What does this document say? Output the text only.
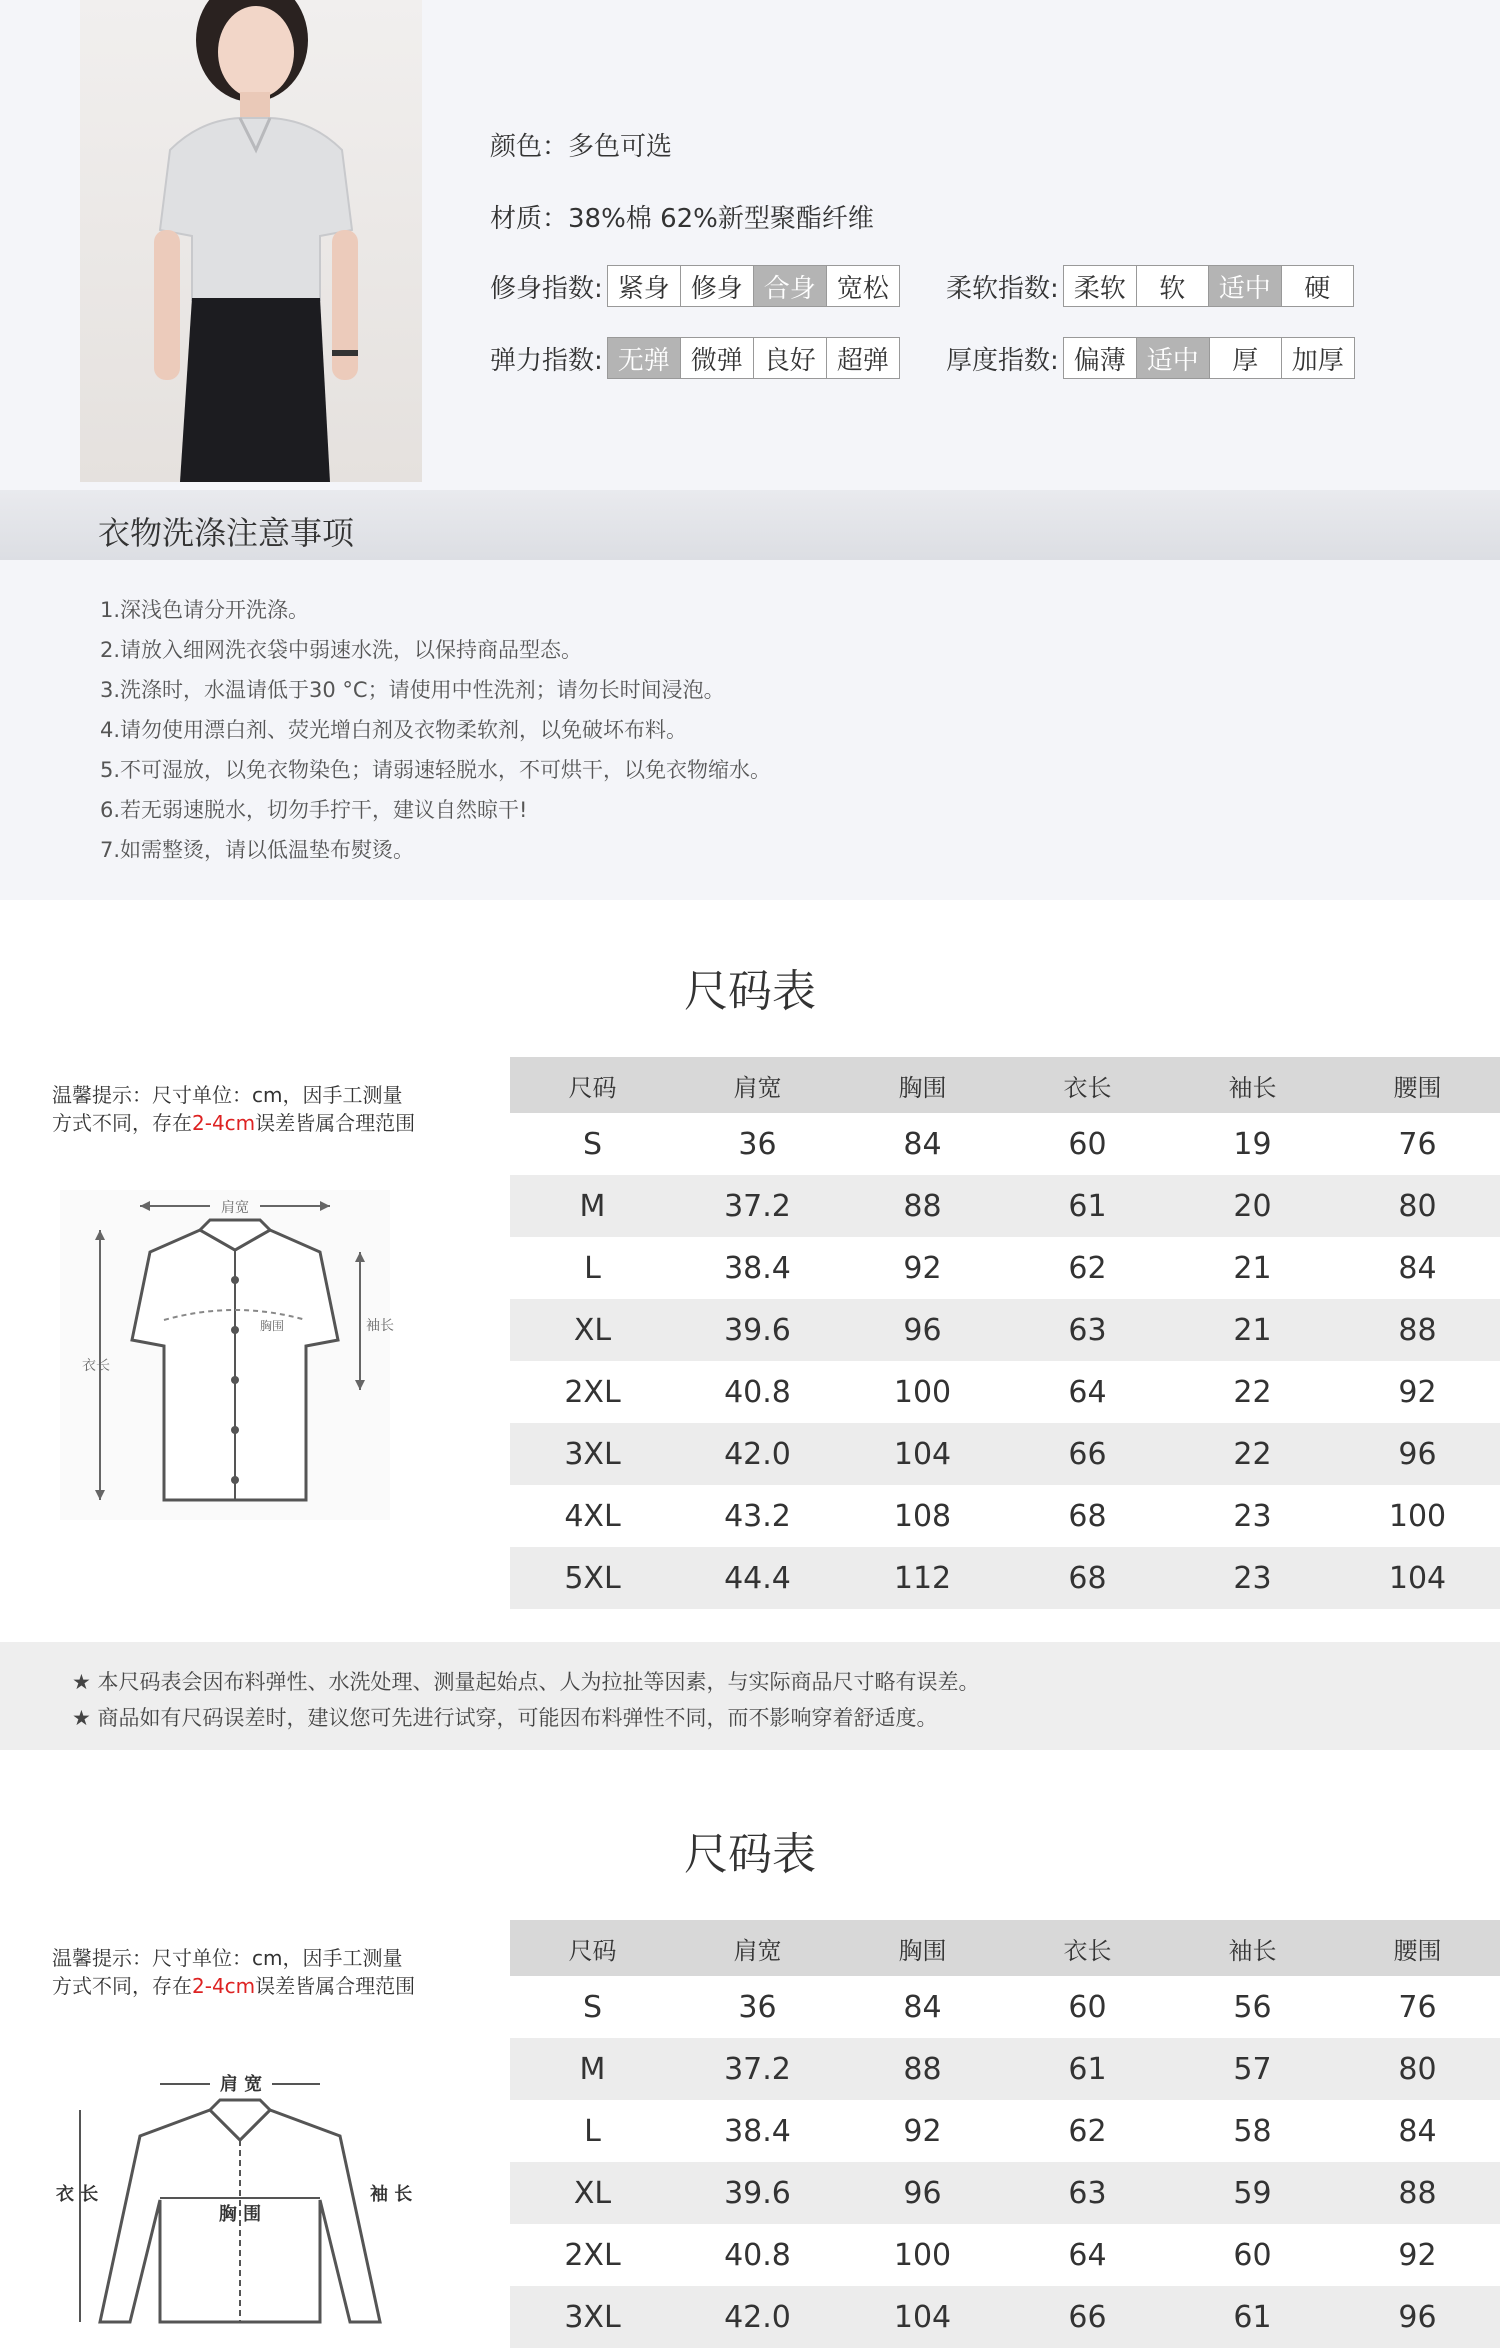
颜色： 多色可选
材质： 38%棉 62%新型聚酯纤维
修身指数: 紧身 修身 合身 宽松	柔软指数: 柔软	软	适中	硬
弹力指数: 无弹 微弹 良好 超弹	厚度指数: 偏薄 适中	厚	加厚
衣物洗涤注意事项
1.深浅色请分开洗涤。
2.请放入细网洗衣袋中弱速水洗，以保持商品型态。
3.洗涤时，水温请低于30 °C；请使用中性洗剂；请勿长时间浸泡。
4.请勿使用漂白剂、荧光增白剂及衣物柔软剂，以免破坏布料。
5.不可湿放，以免衣物染色；请弱速轻脱水，不可烘干，以免衣物缩水。
6.若无弱速脱水，切勿手拧干，建议自然晾干!
7.如需整烫，请以低温垫布熨烫。
尺码表
温馨提示：尺寸单位：cm，因手工测量
方式不同，存在2-4cm误差皆属合理范围
肩宽
胸围
衣长
袖长
尺码	肩宽	胸围	衣长	袖长	腰围
S	36	84	60	19	76
M	37.2	88	61	20	80
L	38.4	92	62	21	84
XL	39.6	96	63	21	88
2XL	40.8	100	64	22	92
3XL	42.0	104	66	22	96
4XL	43.2	108	68	23	100
5XL	44.4	112	68	23	104
★ 本尺码表会因布料弹性、水洗处理、测量起始点、人为拉扯等因素，与实际商品尺寸略有误差。
★ 商品如有尺码误差时，建议您可先进行试穿，可能因布料弹性不同，而不影响穿着舒适度。
尺码表
温馨提示：尺寸单位：cm，因手工测量
方式不同，存在2-4cm误差皆属合理范围
肩 宽
胸 围
衣 长	袖 长
尺码	肩宽	胸围	衣长	袖长	腰围
S	36	84	60	56	76
M	37.2	88	61	57	80
L	38.4	92	62	58	84
XL	39.6	96	63	59	88
2XL	40.8	100	64	60	92
3XL	42.0	104	66	61	96
